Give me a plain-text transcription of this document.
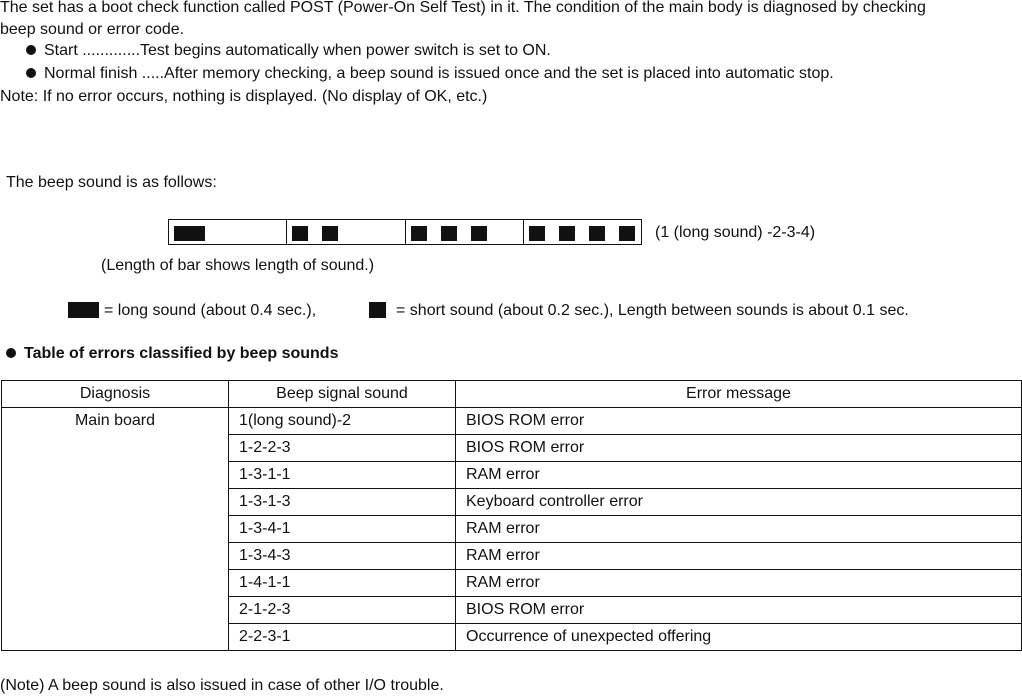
The set has a boot check function called POST (Power-On Self Test) in it. The condition of the main body is diagnosed by checking
beep sound or error code.
Start .............Test begins automatically when power switch is set to ON.
Normal finish .....After memory checking, a beep sound is issued once and the set is placed into automatic stop.
Note: If no error occurs, nothing is displayed. (No display of OK, etc.)
The beep sound is as follows:
(1 (long sound) -2-3-4)
(Length of bar shows length of sound.)
= long sound (about 0.4 sec.),	= short sound (about 0.2 sec.), Length between sounds is about 0.1 sec.
Table of errors classified by beep sounds
Diagnosis	Beep signal sound	Error message
Main board	1(long sound)-2	BIOS ROM error
	1-2-2-3	BIOS ROM error
	1-3-1-1	RAM error
	1-3-1-3	Keyboard controller error
	1-3-4-1	RAM error
	1-3-4-3	RAM error
	1-4-1-1	RAM error
	2-1-2-3	BIOS ROM error
	2-2-3-1	Occurrence of unexpected offering
(Note) A beep sound is also issued in case of other I/O trouble.
